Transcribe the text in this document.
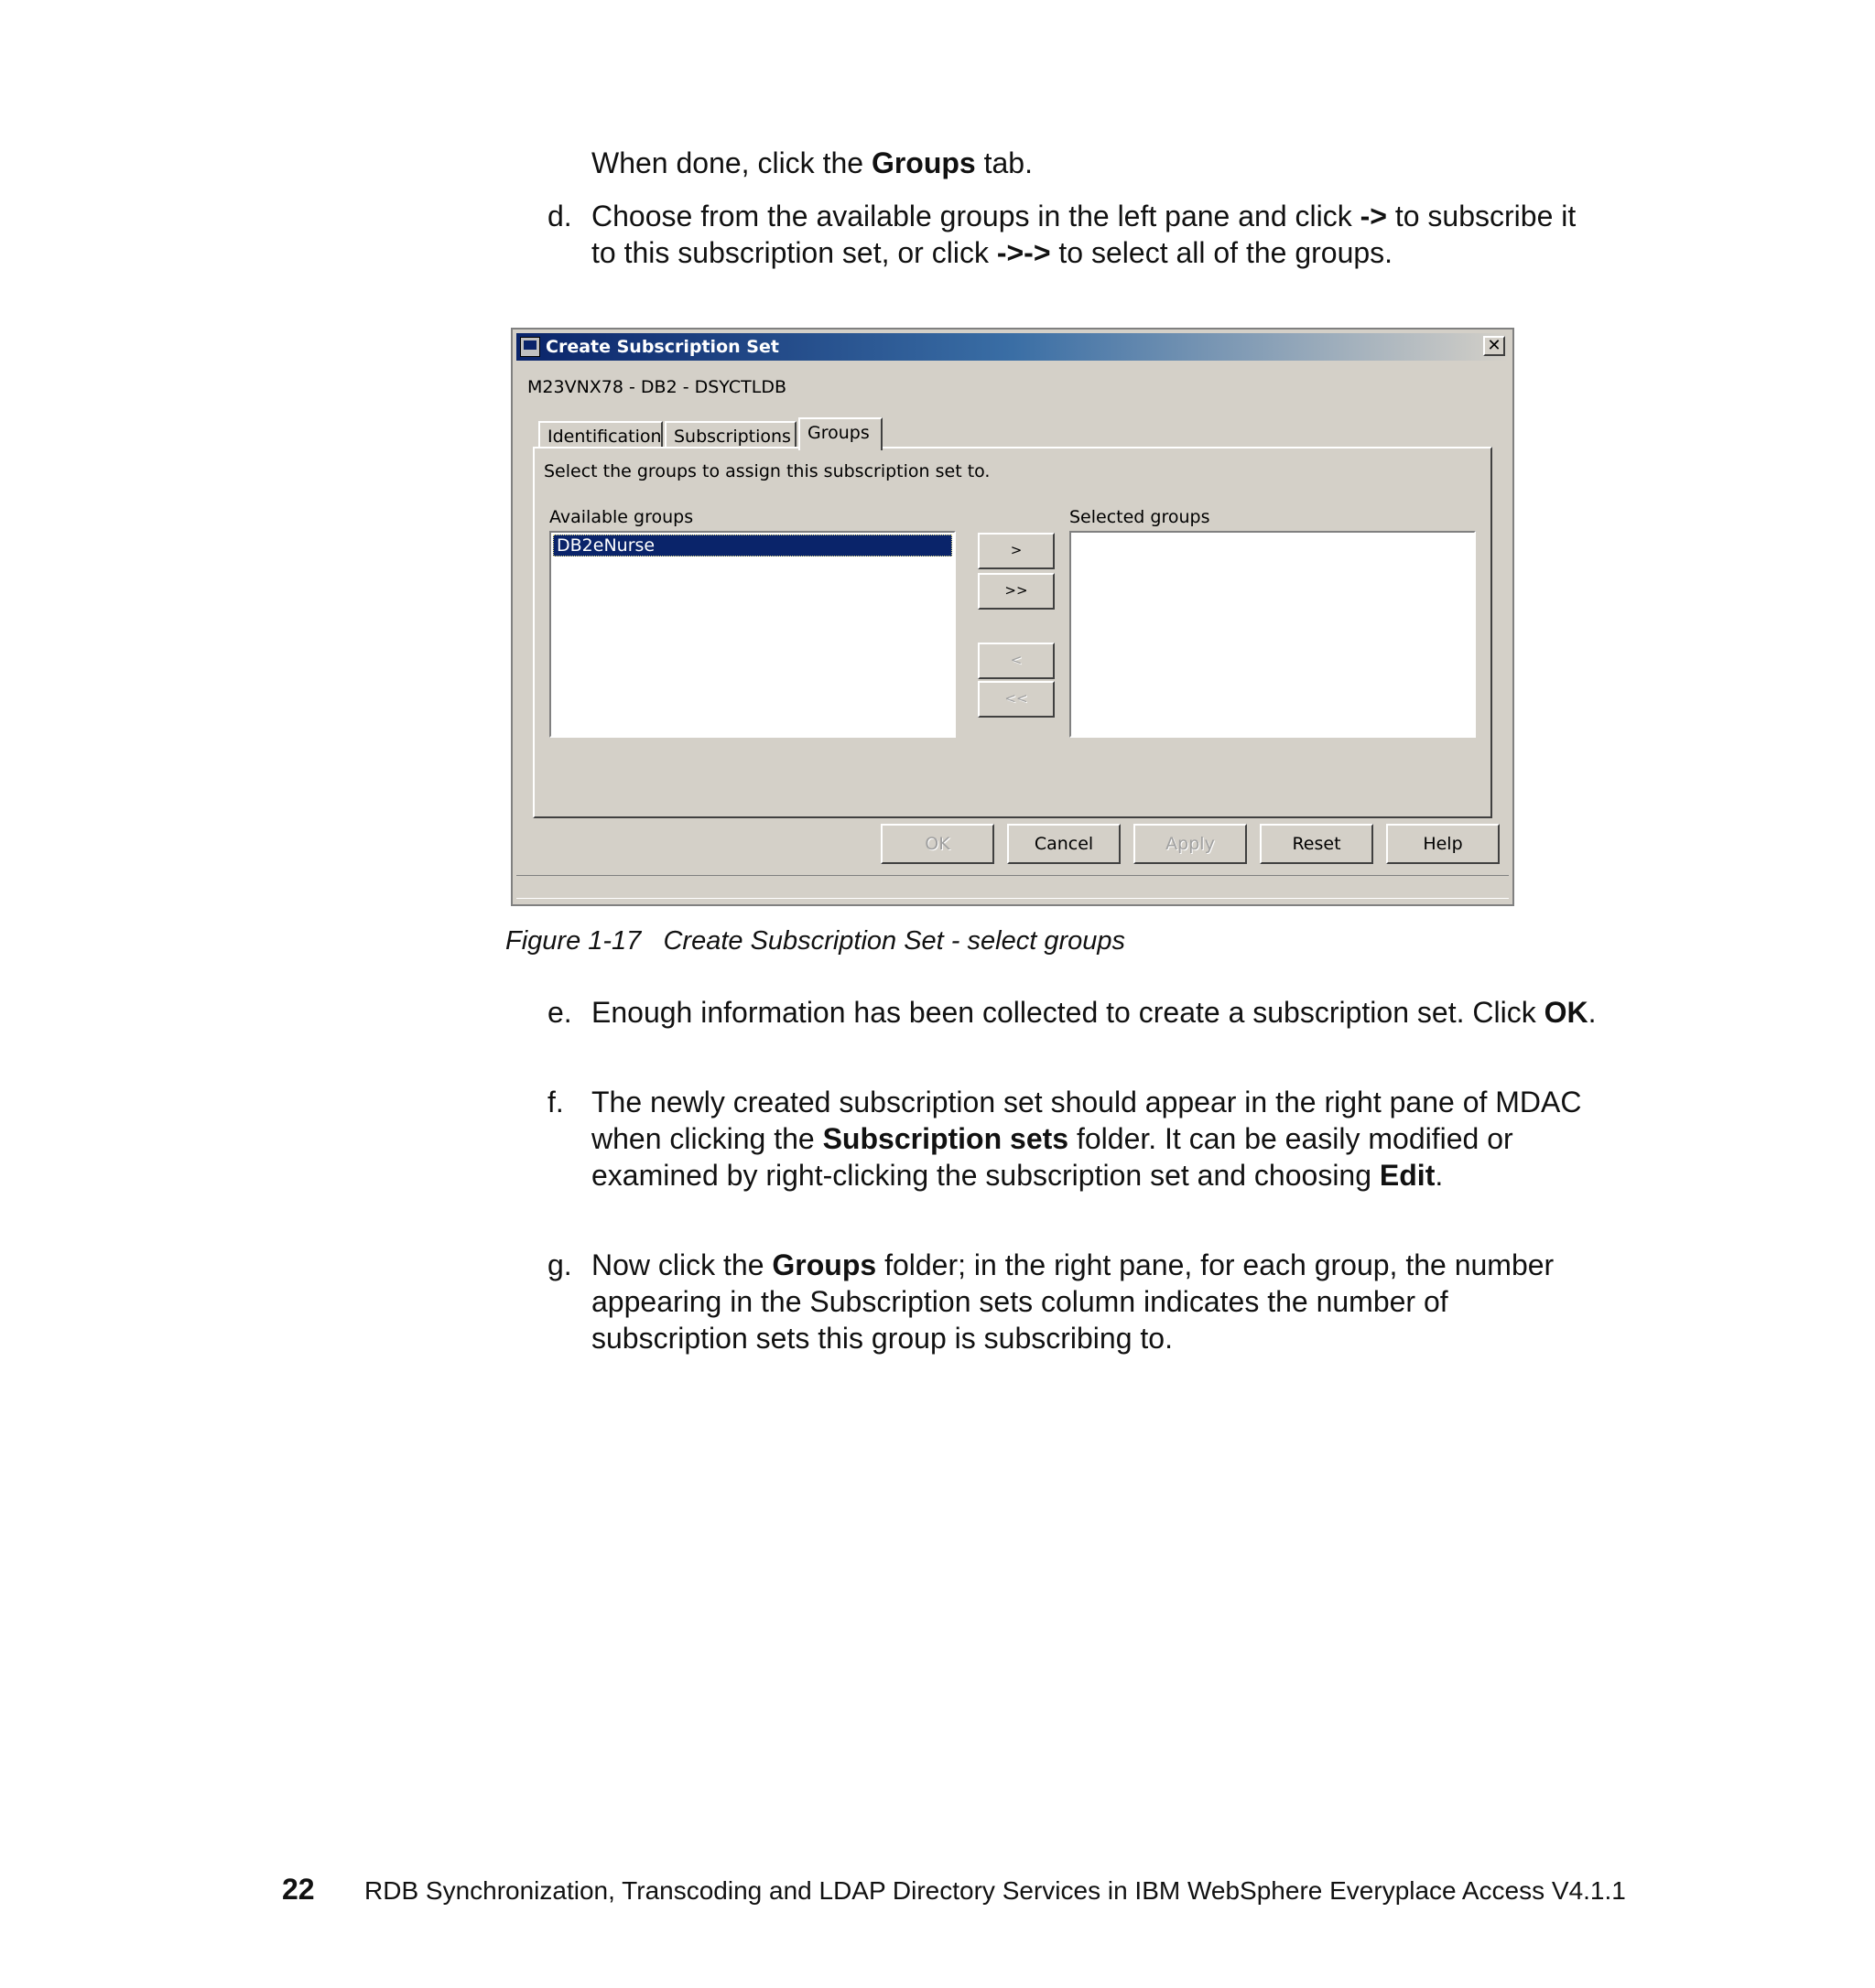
When done, click the Groups tab.

d. Choose from the available groups in the left pane and click -> to subscribe it to this subscription set, or click ->-> to select all of the groups.
Create Subscription Set	✕
M23VNX78 - DB2 - DSYCTLDB
Identification Subscriptions Groups
Select the groups to assign this subscription set to.
Available groups	Selected groups
DB2eNurse	>
>>
<
<<
OK	Cancel	Apply	Reset	Help
Figure 1-17   Create Subscription Set - select groups
e. Enough information has been collected to create a subscription set. Click OK.
f. The newly created subscription set should appear in the right pane of MDAC when clicking the Subscription sets folder. It can be easily modified or examined by right-clicking the subscription set and choosing Edit.
g. Now click the Groups folder; in the right pane, for each group, the number appearing in the Subscription sets column indicates the number of subscription sets this group is subscribing to.
22 RDB Synchronization, Transcoding and LDAP Directory Services in IBM WebSphere Everyplace Access V4.1.1
